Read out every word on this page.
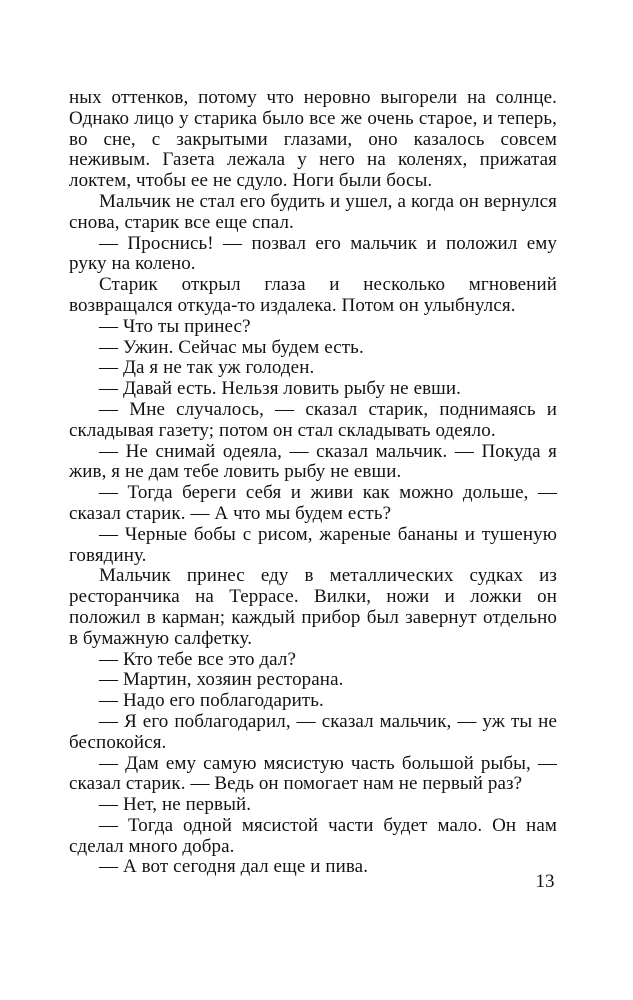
ных оттенков, потому что неровно выгорели на солнце. Однако лицо у старика было все же очень старое, и теперь, во сне, с закрытыми глазами, оно казалось совсем неживым. Газета лежала у него на коленях, прижатая локтем, чтобы ее не сдуло. Ноги были босы.

Мальчик не стал его будить и ушел, а когда он вернулся снова, старик все еще спал.

— Проснись! — позвал его мальчик и положил ему руку на колено.

Старик открыл глаза и несколько мгновений возвращался откуда-то издалека. Потом он улыбнулся.

— Что ты принес?

— Ужин. Сейчас мы будем есть.

— Да я не так уж голоден.

— Давай есть. Нельзя ловить рыбу не евши.

— Мне случалось, — сказал старик, поднимаясь и складывая газету; потом он стал складывать одеяло.

— Не снимай одеяла, — сказал мальчик. — Покуда я жив, я не дам тебе ловить рыбу не евши.

— Тогда береги себя и живи как можно дольше, — сказал старик. — А что мы будем есть?

— Черные бобы с рисом, жареные бананы и тушеную говядину.

Мальчик принес еду в металлических судках из ресторанчика на Террасе. Вилки, ножи и ложки он положил в карман; каждый прибор был завернут отдельно в бумажную салфетку.

— Кто тебе все это дал?

— Мартин, хозяин ресторана.

— Надо его поблагодарить.

— Я его поблагодарил, — сказал мальчик, — уж ты не беспокойся.

— Дам ему самую мясистую часть большой рыбы, — сказал старик. — Ведь он помогает нам не первый раз?

— Нет, не первый.

— Тогда одной мясистой части будет мало. Он нам сделал много добра.

— А вот сегодня дал еще и пива.

13
